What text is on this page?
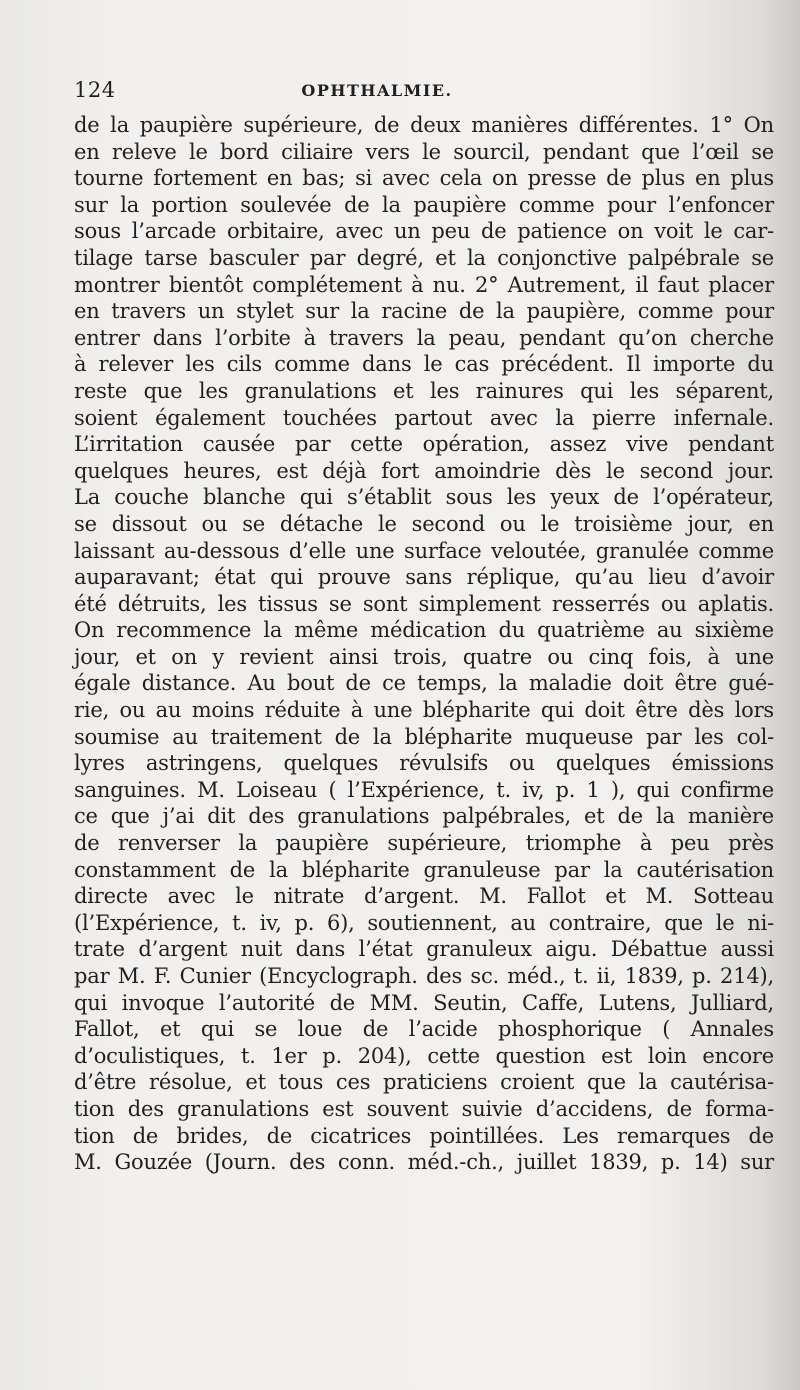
124	OPHTHALMIE.
de la paupière supérieure, de deux manières différentes. 1° On
en releve le bord ciliaire vers le sourcil, pendant que l’œil se
tourne fortement en bas; si avec cela on presse de plus en plus
sur la portion soulevée de la paupière comme pour l’enfoncer
sous l’arcade orbitaire, avec un peu de patience on voit le car-
tilage tarse basculer par degré, et la conjonctive palpébrale se
montrer bientôt complétement à nu. 2° Autrement, il faut placer
en travers un stylet sur la racine de la paupière, comme pour
entrer dans l’orbite à travers la peau, pendant qu’on cherche
à relever les cils comme dans le cas précédent. Il importe du
reste que les granulations et les rainures qui les séparent,
soient également touchées partout avec la pierre infernale.
L’irritation causée par cette opération, assez vive pendant
quelques heures, est déjà fort amoindrie dès le second jour.
La couche blanche qui s’établit sous les yeux de l’opérateur,
se dissout ou se détache le second ou le troisième jour, en
laissant au-dessous d’elle une surface veloutée, granulée comme
auparavant; état qui prouve sans réplique, qu’au lieu d’avoir
été détruits, les tissus se sont simplement resserrés ou aplatis.
On recommence la même médication du quatrième au sixième
jour, et on y revient ainsi trois, quatre ou cinq fois, à une
égale distance. Au bout de ce temps, la maladie doit être gué-
rie, ou au moins réduite à une blépharite qui doit être dès lors
soumise au traitement de la blépharite muqueuse par les col-
lyres astringens, quelques révulsifs ou quelques émissions
sanguines. M. Loiseau ( l’Expérience, t. iv, p. 1 ), qui confirme
ce que j’ai dit des granulations palpébrales, et de la manière
de renverser la paupière supérieure, triomphe à peu près
constamment de la blépharite granuleuse par la cautérisation
directe avec le nitrate d’argent. M. Fallot et M. Sotteau
(l’Expérience, t. iv, p. 6), soutiennent, au contraire, que le ni-
trate d’argent nuit dans l’état granuleux aigu. Débattue aussi
par M. F. Cunier (Encyclograph. des sc. méd., t. ii, 1839, p. 214),
qui invoque l’autorité de MM. Seutin, Caffe, Lutens, Julliard,
Fallot, et qui se loue de l’acide phosphorique ( Annales
d’oculistiques, t. 1er p. 204), cette question est loin encore
d’être résolue, et tous ces praticiens croient que la cautérisa-
tion des granulations est souvent suivie d’accidens, de forma-
tion de brides, de cicatrices pointillées. Les remarques de
M. Gouzée (Journ. des conn. méd.-ch., juillet 1839, p. 14) sur
